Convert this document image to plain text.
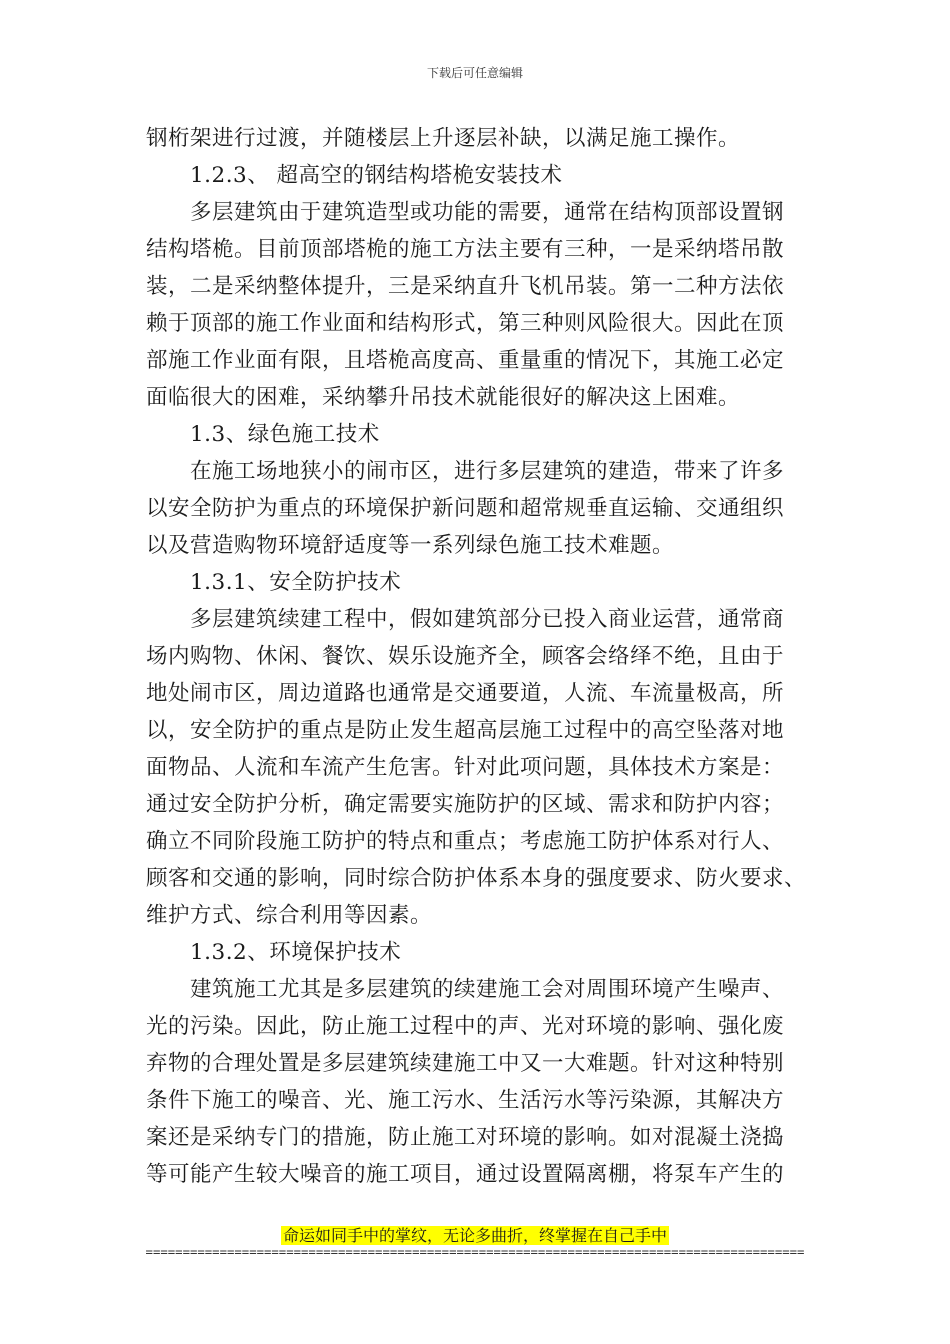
下载后可任意编辑
钢桁架进行过渡，并随楼层上升逐层补缺，以满足施工操作。
1.2.3、 超高空的钢结构塔桅安装技术
多层建筑由于建筑造型或功能的需要，通常在结构顶部设置钢
结构塔桅。目前顶部塔桅的施工方法主要有三种，一是采纳塔吊散
装，二是采纳整体提升，三是采纳直升飞机吊装。第一二种方法依
赖于顶部的施工作业面和结构形式，第三种则风险很大。因此在顶
部施工作业面有限，且塔桅高度高、重量重的情况下，其施工必定
面临很大的困难，采纳攀升吊技术就能很好的解决这上困难。
1.3、绿色施工技术
在施工场地狭小的闹市区，进行多层建筑的建造，带来了许多
以安全防护为重点的环境保护新问题和超常规垂直运输、交通组织
以及营造购物环境舒适度等一系列绿色施工技术难题。
1.3.1、安全防护技术
多层建筑续建工程中，假如建筑部分已投入商业运营，通常商
场内购物、休闲、餐饮、娱乐设施齐全，顾客会络绎不绝，且由于
地处闹市区，周边道路也通常是交通要道，人流、车流量极高，所
以，安全防护的重点是防止发生超高层施工过程中的高空坠落对地
面物品、人流和车流产生危害。针对此项问题，具体技术方案是：
通过安全防护分析，确定需要实施防护的区域、需求和防护内容；
确立不同阶段施工防护的特点和重点；考虑施工防护体系对行人、
顾客和交通的影响，同时综合防护体系本身的强度要求、防火要求、
维护方式、综合利用等因素。
1.3.2、环境保护技术
建筑施工尤其是多层建筑的续建施工会对周围环境产生噪声、
光的污染。因此，防止施工过程中的声、光对环境的影响、强化废
弃物的合理处置是多层建筑续建施工中又一大难题。针对这种特别
条件下施工的噪音、光、施工污水、生活污水等污染源，其解决方
案还是采纳专门的措施，防止施工对环境的影响。如对混凝土浇捣
等可能产生较大噪音的施工项目，通过设置隔离棚，将泵车产生的
命运如同手中的掌纹，无论多曲折，终掌握在自己手中
=========================================================================================
